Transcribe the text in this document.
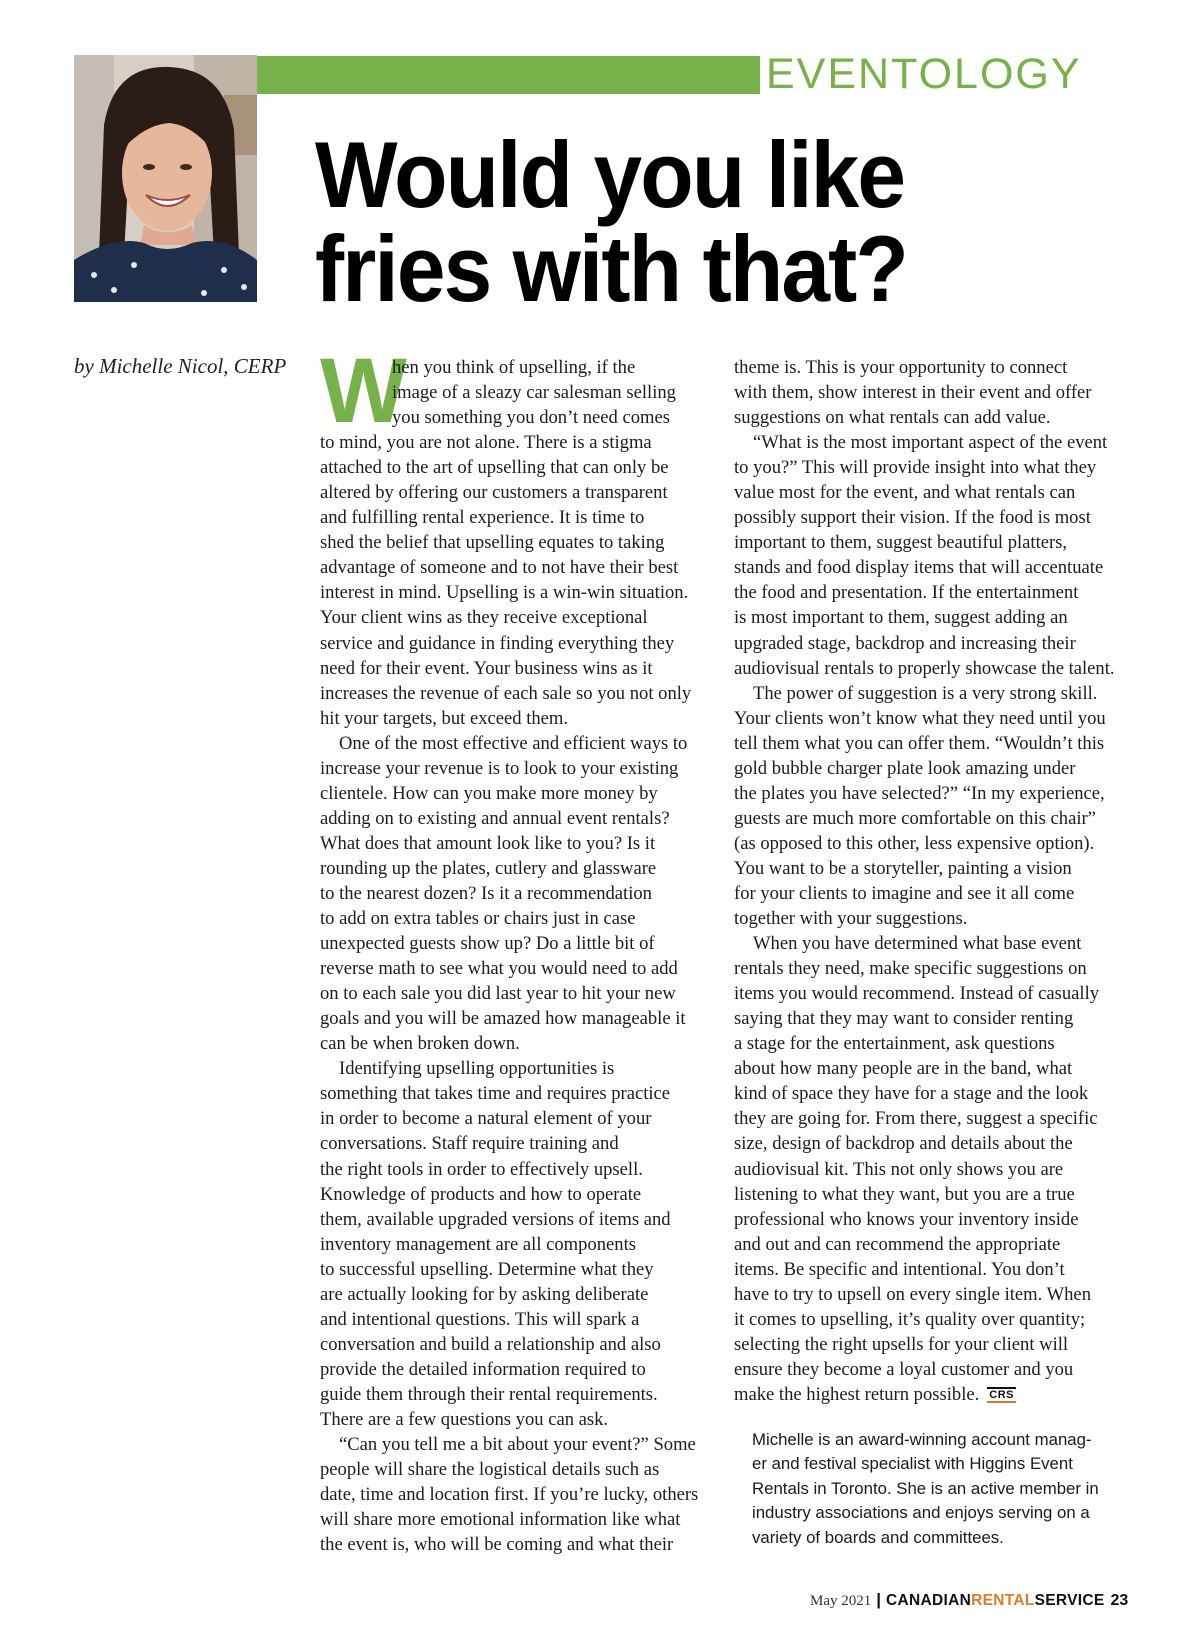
EVENTOLOGY
Would you like
fries with that?
by Michelle Nicol, CERP W
hen you think of upselling, if the
image of a sleazy car salesman selling
you something you don’t need comes
to mind, you are not alone. There is a stigma
attached to the art of upselling that can only be
altered by offering our customers a transparent
and fulfilling rental experience. It is time to
shed the belief that upselling equates to taking
advantage of someone and to not have their best
interest in mind. Upselling is a win-win situation.
Your client wins as they receive exceptional
service and guidance in finding everything they
need for their event. Your business wins as it
increases the revenue of each sale so you not only
hit your targets, but exceed them.
One of the most effective and efficient ways to
increase your revenue is to look to your existing
clientele. How can you make more money by
adding on to existing and annual event rentals?
What does that amount look like to you? Is it
rounding up the plates, cutlery and glassware
to the nearest dozen? Is it a recommendation
to add on extra tables or chairs just in case
unexpected guests show up? Do a little bit of
reverse math to see what you would need to add
on to each sale you did last year to hit your new
goals and you will be amazed how manageable it
can be when broken down.
Identifying upselling opportunities is
something that takes time and requires practice
in order to become a natural element of your
conversations. Staff require training and
the right tools in order to effectively upsell.
Knowledge of products and how to operate
them, available upgraded versions of items and
inventory management are all components
to successful upselling. Determine what they
are actually looking for by asking deliberate
and intentional questions. This will spark a
conversation and build a relationship and also
provide the detailed information required to
guide them through their rental requirements.
There are a few questions you can ask.
“Can you tell me a bit about your event?” Some
people will share the logistical details such as
date, time and location first. If you’re lucky, others
will share more emotional information like what
the event is, who will be coming and what their
theme is. This is your opportunity to connect
with them, show interest in their event and offer
suggestions on what rentals can add value.
“What is the most important aspect of the event
to you?” This will provide insight into what they
value most for the event, and what rentals can
possibly support their vision. If the food is most
important to them, suggest beautiful platters,
stands and food display items that will accentuate
the food and presentation. If the entertainment
is most important to them, suggest adding an
upgraded stage, backdrop and increasing their
audiovisual rentals to properly showcase the talent.
The power of suggestion is a very strong skill.
Your clients won’t know what they need until you
tell them what you can offer them. “Wouldn’t this
gold bubble charger plate look amazing under
the plates you have selected?” “In my experience,
guests are much more comfortable on this chair”
(as opposed to this other, less expensive option).
You want to be a storyteller, painting a vision
for your clients to imagine and see it all come
together with your suggestions.
When you have determined what base event
rentals they need, make specific suggestions on
items you would recommend. Instead of casually
saying that they may want to consider renting
a stage for the entertainment, ask questions
about how many people are in the band, what
kind of space they have for a stage and the look
they are going for. From there, suggest a specific
size, design of backdrop and details about the
audiovisual kit. This not only shows you are
listening to what they want, but you are a true
professional who knows your inventory inside
and out and can recommend the appropriate
items. Be specific and intentional. You don’t
have to try to upsell on every single item. When
it comes to upselling, it’s quality over quantity;
selecting the right upsells for your client will
ensure they become a loyal customer and you
make the highest return possible. CRS
Michelle is an award-winning account manag-
er and festival specialist with Higgins Event
Rentals in Toronto. She is an active member in
industry associations and enjoys serving on a
variety of boards and committees.
May 2021 | CANADIANRENTALSERVICE 23
